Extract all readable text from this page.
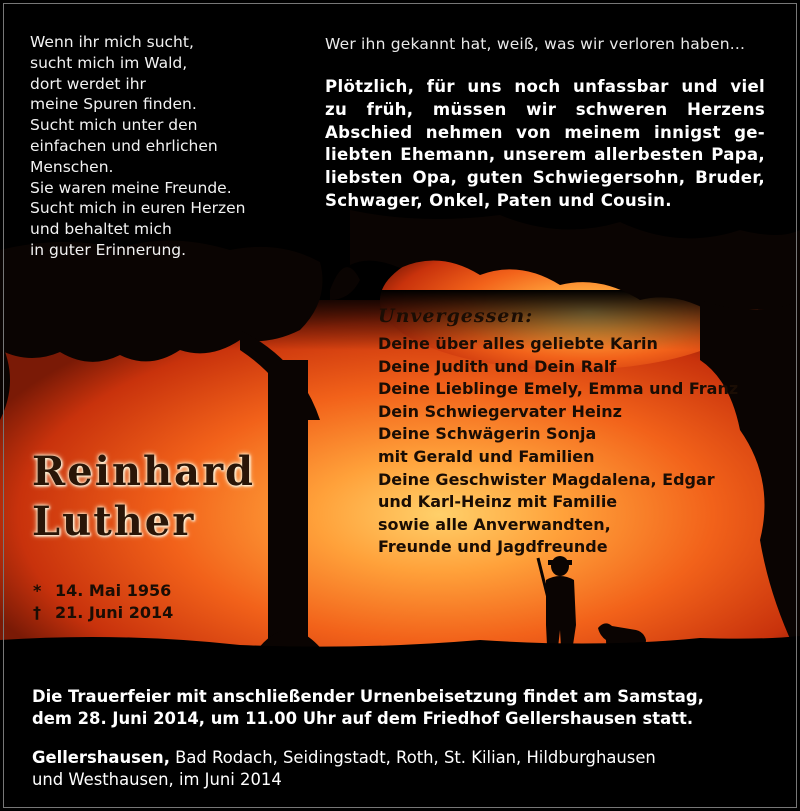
Wenn ihr mich sucht,
sucht mich im Wald,
dort werdet ihr
meine Spuren finden.
Sucht mich unter den
einfachen und ehrlichen
Menschen.
Sie waren meine Freunde.
Sucht mich in euren Herzen
und behaltet mich
in guter Erinnerung.
Wer ihn gekannt hat, weiß, was wir verloren haben...
Plötzlich, für uns noch unfassbar und viel
zu früh, müssen wir schweren Herzens
Abschied nehmen von meinem innigst ge-
liebten Ehemann, unserem allerbesten Papa,
liebsten Opa, guten Schwiegersohn, Bruder,
Schwager, Onkel, Paten und Cousin.
Unvergessen:
Deine über alles geliebte Karin
Deine Judith und Dein Ralf
Deine Lieblinge Emely, Emma und Franz
Dein Schwiegervater Heinz
Deine Schwägerin Sonja
mit Gerald und Familien
Deine Geschwister Magdalena, Edgar
und Karl-Heinz mit Familie
sowie alle Anverwandten,
Freunde und Jagdfreunde
Reinhard
Luther
* 14. Mai 1956
† 21. Juni 2014
Die Trauerfeier mit anschließender Urnenbeisetzung findet am Samstag,
dem 28. Juni 2014, um 11.00 Uhr auf dem Friedhof Gellershausen statt.
Gellershausen, Bad Rodach, Seidingstadt, Roth, St. Kilian, Hildburghausen
und Westhausen, im Juni 2014
